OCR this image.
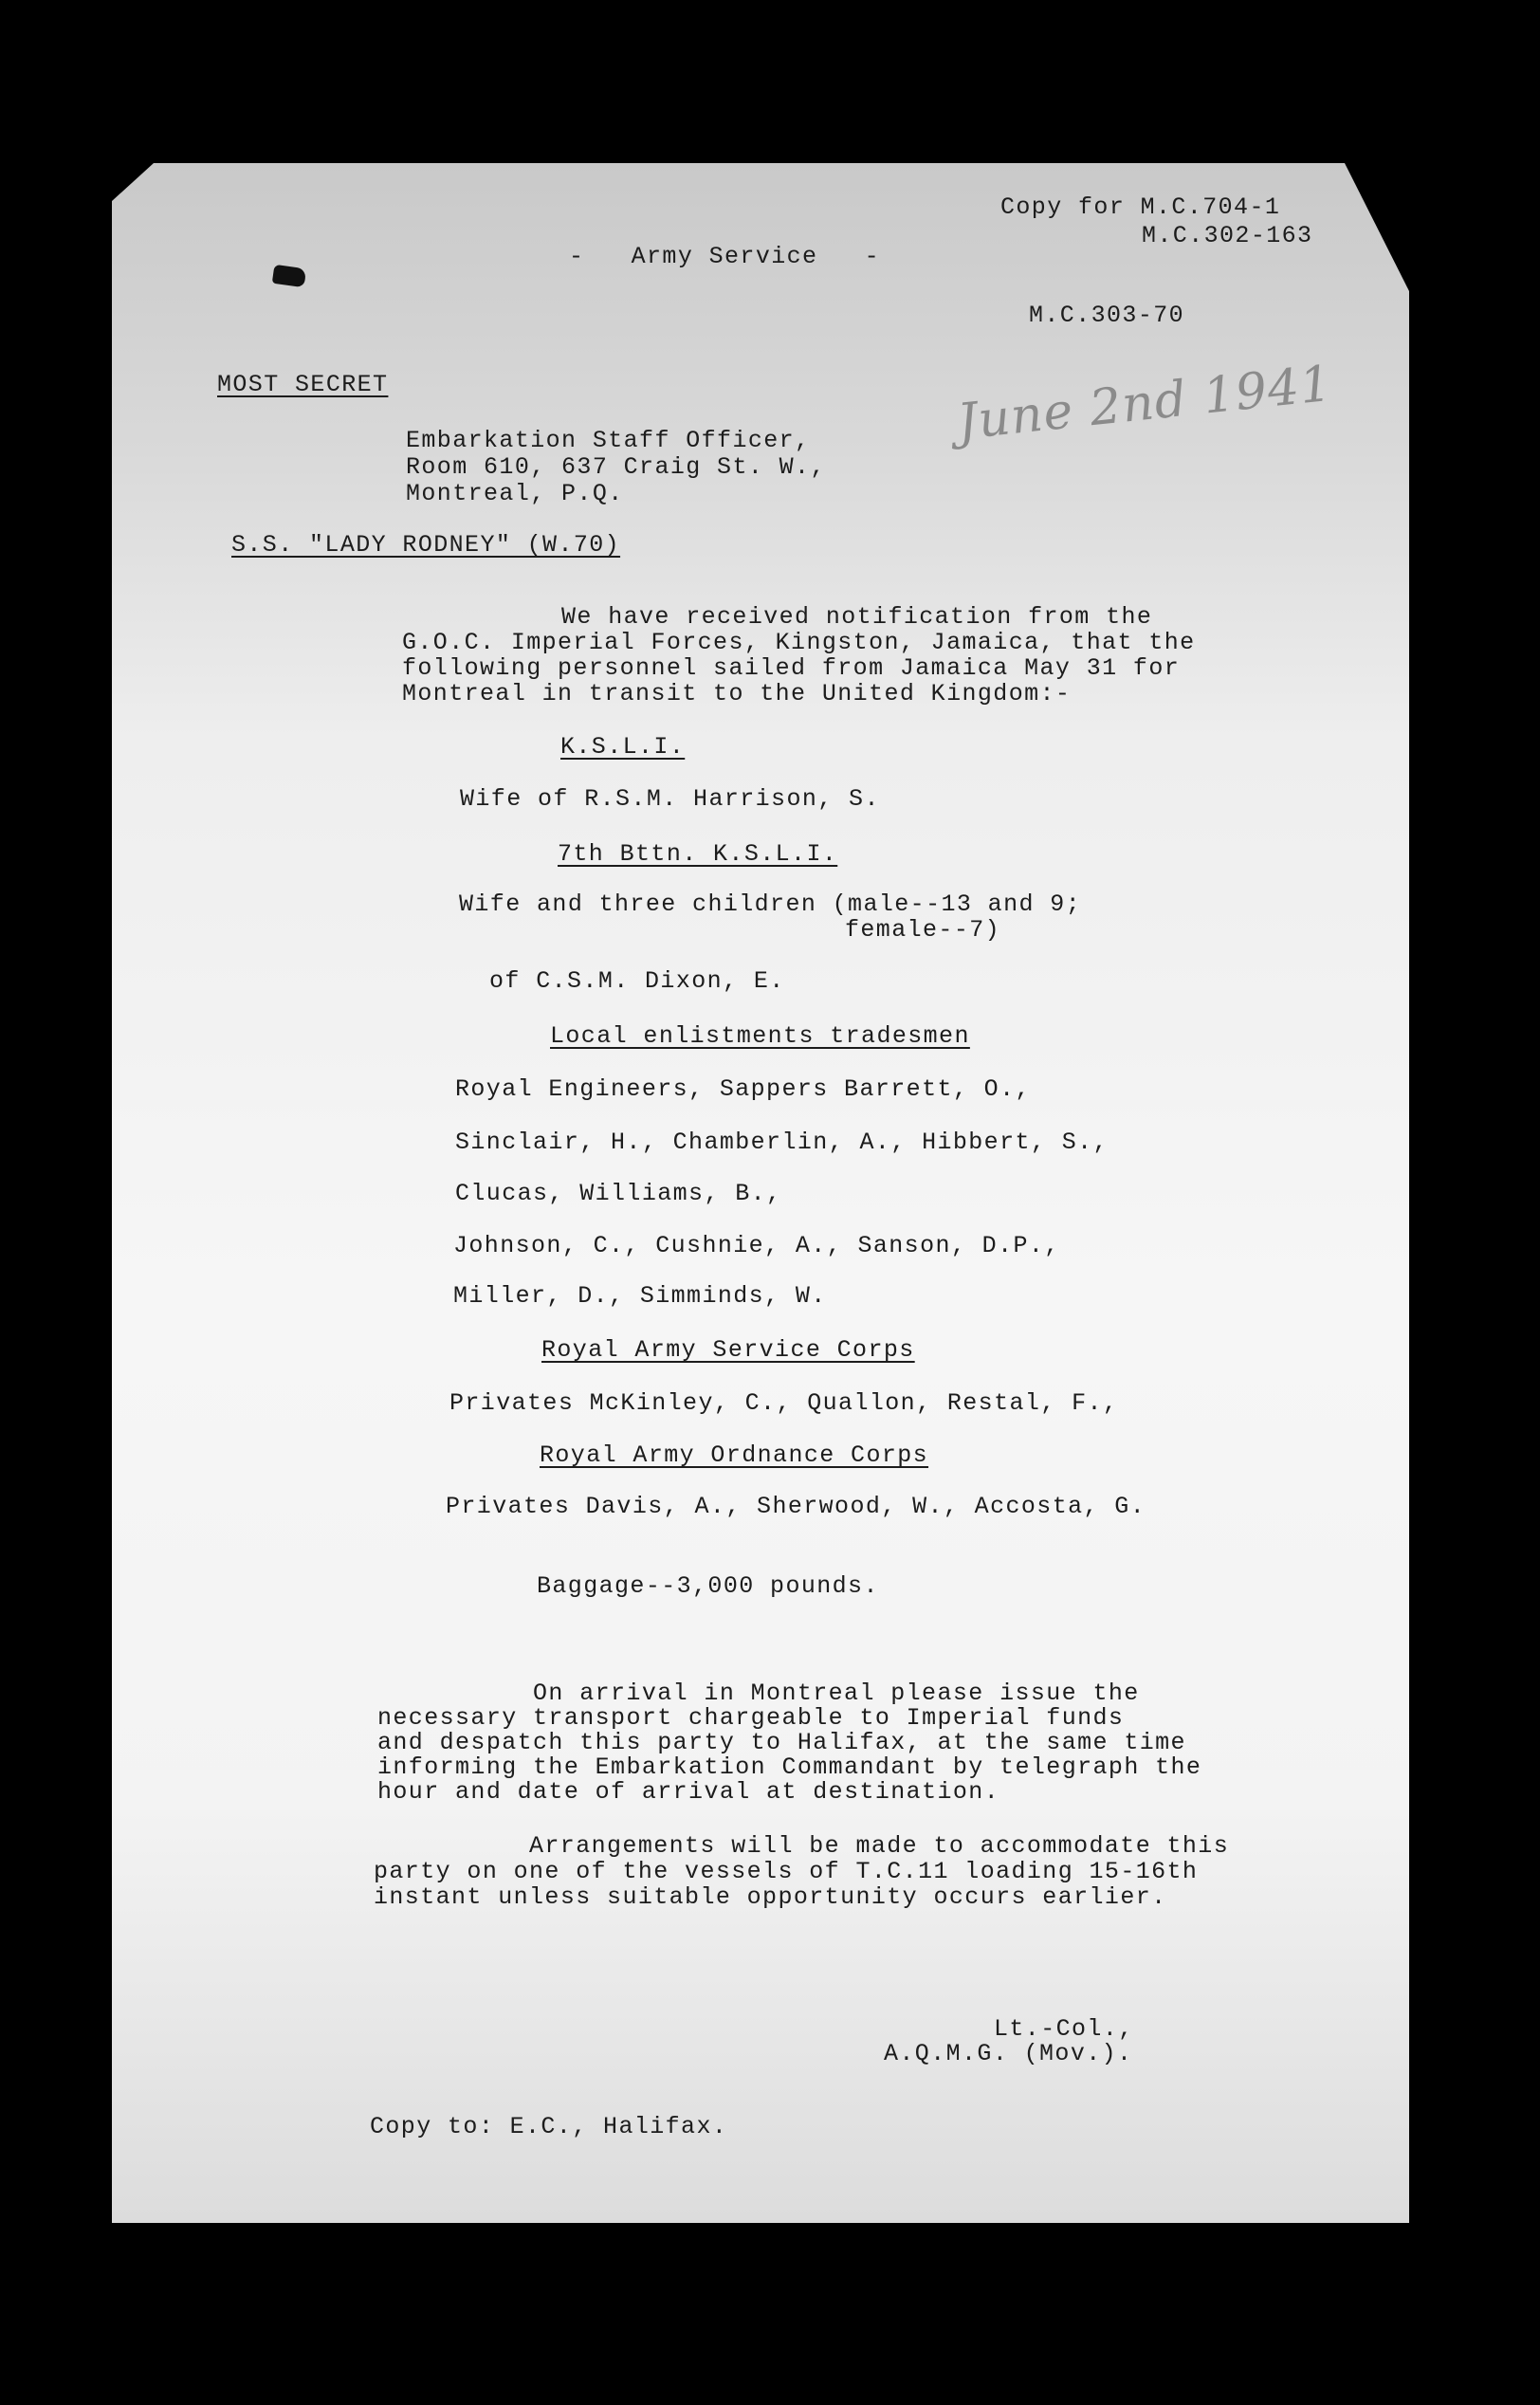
Copy for M.C.704-1
M.C.302-163
-   Army Service   -
M.C.303-70
MOST SECRET	June 2nd 1941
Embarkation Staff Officer,
Room 610, 637 Craig St. W.,
Montreal, P.Q.
S.S. "LADY RODNEY" (W.70)
We have received notification from the
G.O.C. Imperial Forces, Kingston, Jamaica, that the
following personnel sailed from Jamaica May 31 for
Montreal in transit to the United Kingdom:-
K.S.L.I.
Wife of R.S.M. Harrison, S.
7th Bttn. K.S.L.I.
Wife and three children (male--13 and 9;
female--7)
of C.S.M. Dixon, E.
Local enlistments tradesmen
Royal Engineers, Sappers Barrett, O.,
Sinclair, H., Chamberlin, A., Hibbert, S.,
Clucas, Williams, B.,
Johnson, C., Cushnie, A., Sanson, D.P.,
Miller, D., Simminds, W.
Royal Army Service Corps
Privates McKinley, C., Quallon, Restal, F.,
Royal Army Ordnance Corps
Privates Davis, A., Sherwood, W., Accosta, G.
Baggage--3,000 pounds.
On arrival in Montreal please issue the
necessary transport chargeable to Imperial funds
and despatch this party to Halifax, at the same time
informing the Embarkation Commandant by telegraph the
hour and date of arrival at destination.
Arrangements will be made to accommodate this
party on one of the vessels of T.C.11 loading 15-16th
instant unless suitable opportunity occurs earlier.
Lt.-Col.,
A.Q.M.G. (Mov.).
Copy to: E.C., Halifax.
